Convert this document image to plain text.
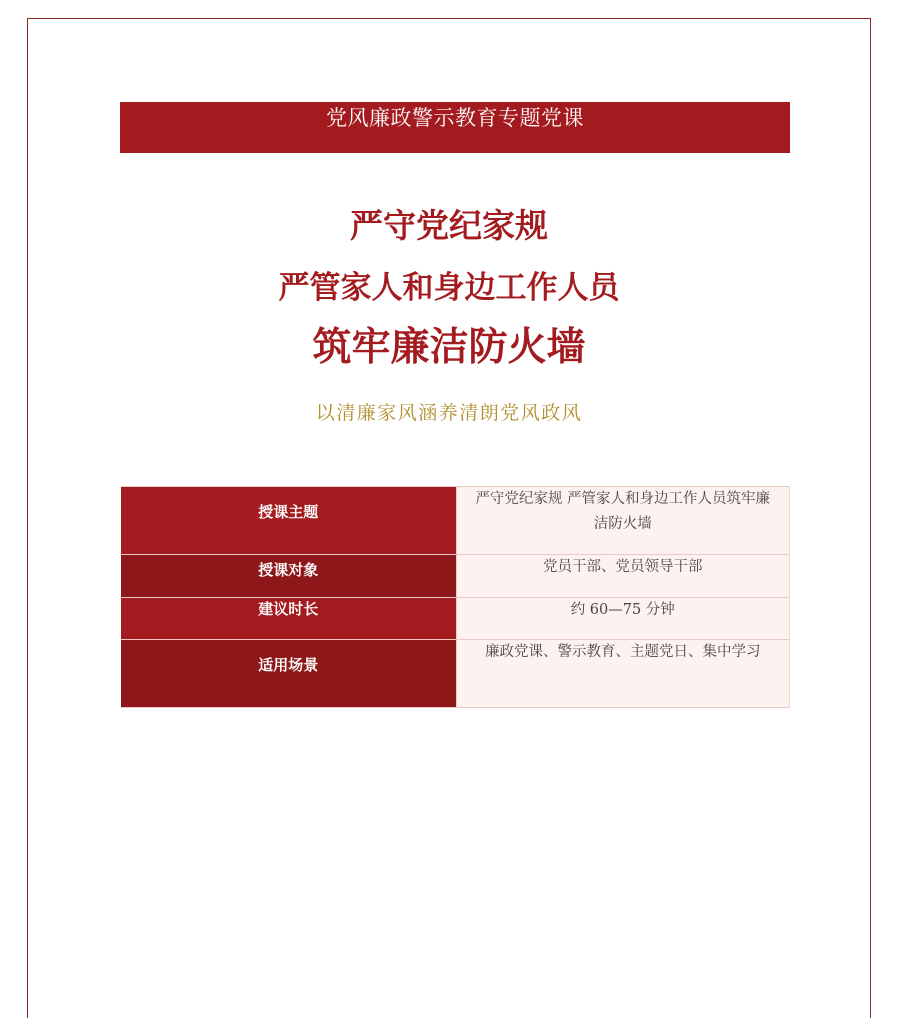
党风廉政警示教育专题党课
严守党纪家规
严管家人和身边工作人员
筑牢廉洁防火墙
以清廉家风涵养清朗党风政风
授课主题	严守党纪家规 严管家人和身边工作人员筑牢廉洁防火墙
授课对象	党员干部、党员领导干部
建议时长	约 60—75 分钟
适用场景	廉政党课、警示教育、主题党日、集中学习
